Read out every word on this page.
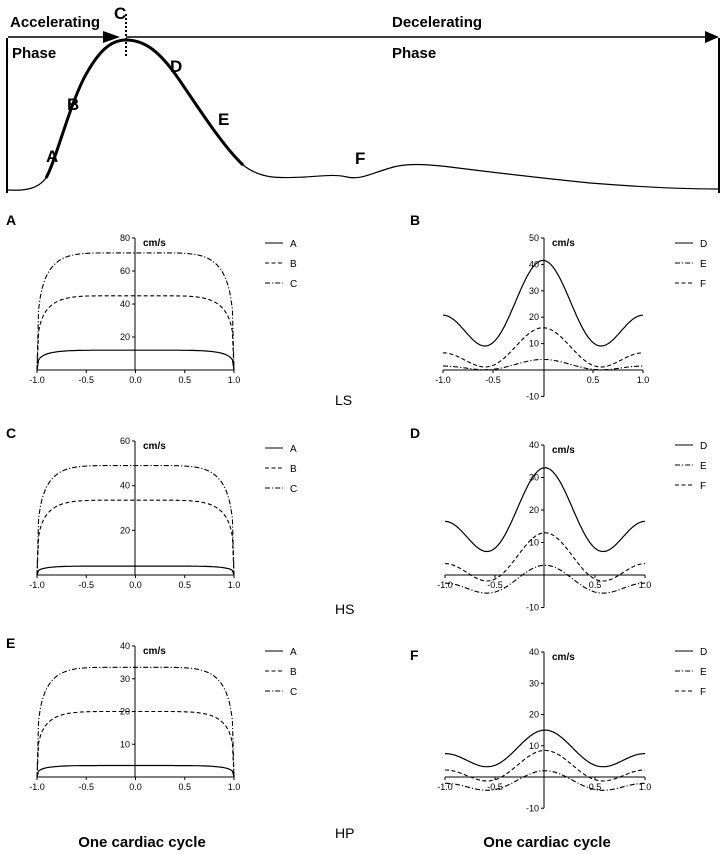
Accelerating
Phase
Decelerating
Phase
A
B
C
D
E
F
A
-1.0	-0.5	0.0	0.5	1.0
20
40
60
80 cm/s	A
B
C
B
-1.0	-0.5	0.5	1.0
-10
10
20
30
40
50 cm/s	D
E
F
C
-1.0	-0.5	0.0	0.5	1.0
20
40
60 cm/s	A
B
C
D
-1.0	-0.5	0.5	1.0
-10
10
20
30
40 cm/s	D
E
F
E
-1.0	-0.5	0.0	0.5	1.0
10
20
30
40 cm/s	A
B
C
F
-1.0	-0.5	0.5	1.0
-10
10
20
30
40 cm/s	D
E
F
LS
HS
HP
One cardiac cycle	One cardiac cycle
